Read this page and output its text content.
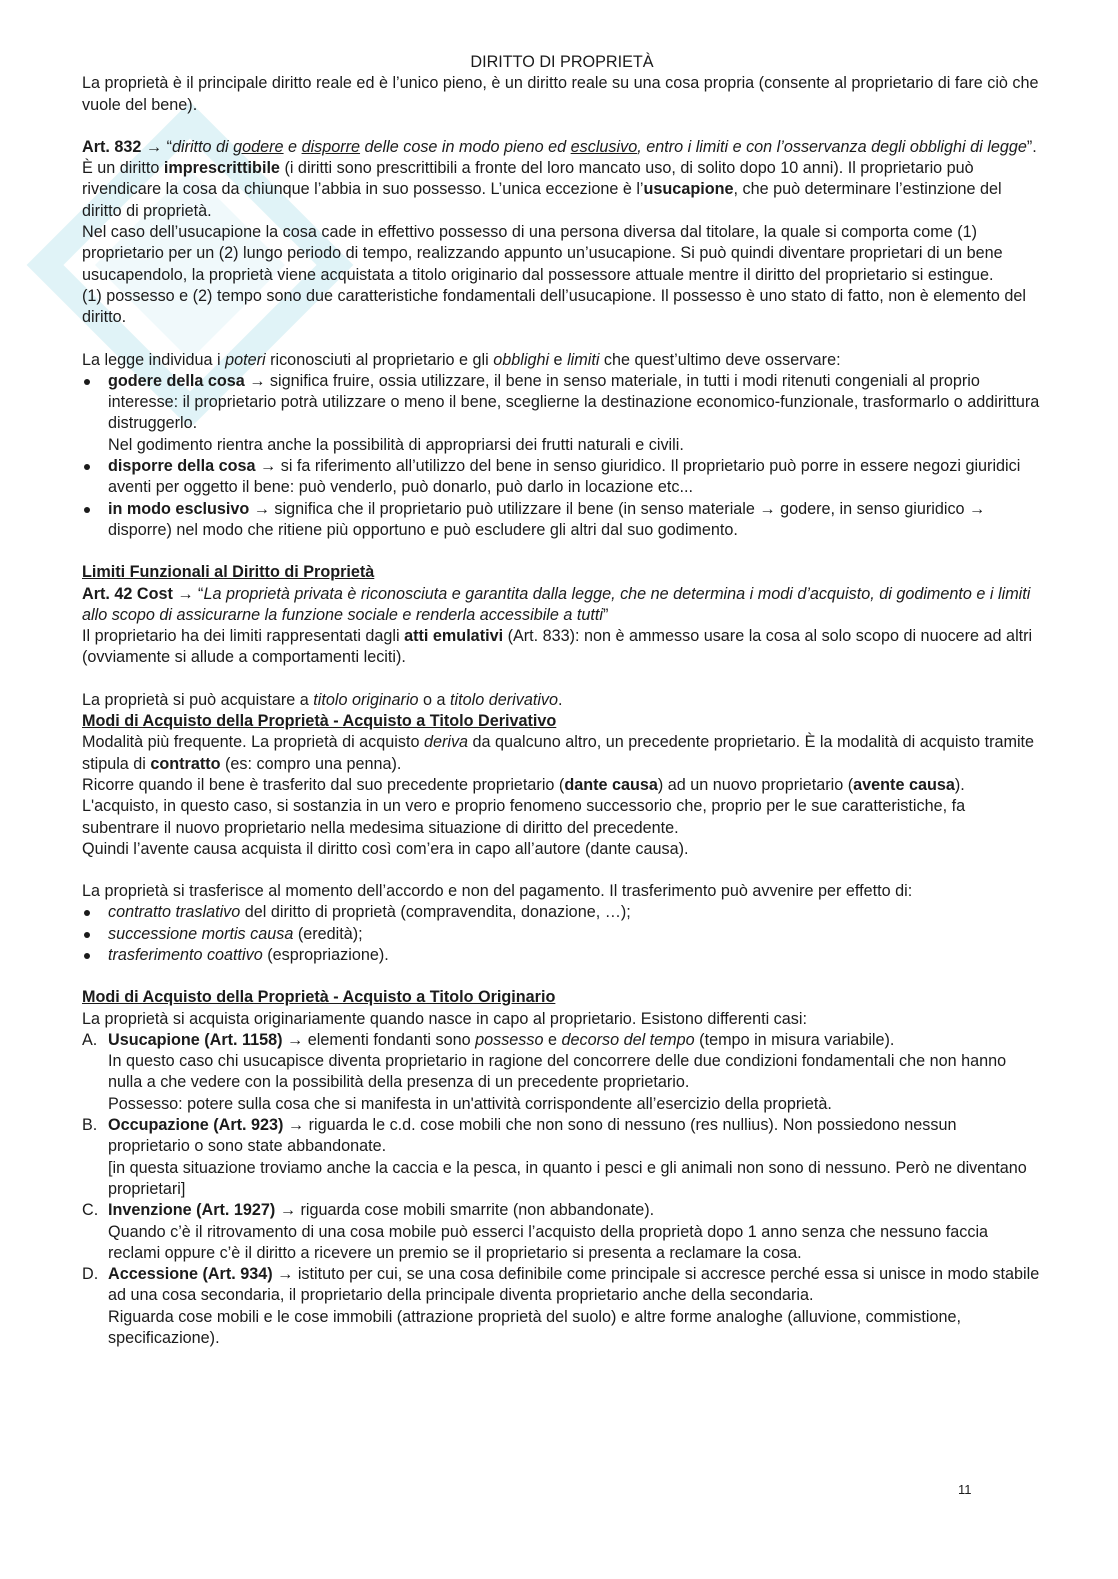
DIRITTO DI PROPRIETÀ

La proprietà è il principale diritto reale ed è l’unico pieno, è un diritto reale su una cosa propria (consente al proprietario di fare ciò che vuole del bene).

Art. 832 → “diritto di godere e disporre delle cose in modo pieno ed esclusivo, entro i limiti e con l’osservanza degli obblighi di legge”.

È un diritto imprescrittibile (i diritti sono prescrittibili a fronte del loro mancato uso, di solito dopo 10 anni). Il proprietario può rivendicare la cosa da chiunque l’abbia in suo possesso. L’unica eccezione è l’usucapione, che può determinare l’estinzione del diritto di proprietà.

Nel caso dell’usucapione la cosa cade in effettivo possesso di una persona diversa dal titolare, la quale si comporta come (1) proprietario per un (2) lungo periodo di tempo, realizzando appunto un’usucapione. Si può quindi diventare proprietari di un bene usucapendolo, la proprietà viene acquistata a titolo originario dal possessore attuale mentre il diritto del proprietario si estingue.

(1) possesso e (2) tempo sono due caratteristiche fondamentali dell’usucapione. Il possesso è uno stato di fatto, non è elemento del diritto.

La legge individua i poteri riconosciuti al proprietario e gli obblighi e limiti che quest’ultimo deve osservare:

godere della cosa → significa fruire, ossia utilizzare, il bene in senso materiale, in tutti i modi ritenuti congeniali al proprio interesse: il proprietario potrà utilizzare o meno il bene, sceglierne la destinazione economico-funzionale, trasformarlo o addirittura distruggerlo.
Nel godimento rientra anche la possibilità di appropriarsi dei frutti naturali e civili.
disporre della cosa → si fa riferimento all’utilizzo del bene in senso giuridico. Il proprietario può porre in essere negozi giuridici aventi per oggetto il bene: può venderlo, può donarlo, può darlo in locazione etc...
in modo esclusivo → significa che il proprietario può utilizzare il bene (in senso materiale → godere, in senso giuridico → disporre) nel modo che ritiene più opportuno e può escludere gli altri dal suo godimento.

Limiti Funzionali al Diritto di Proprietà

Art. 42 Cost → “La proprietà privata è riconosciuta e garantita dalla legge, che ne determina i modi d’acquisto, di godimento e i limiti allo scopo di assicurarne la funzione sociale e renderla accessibile a tutti”

Il proprietario ha dei limiti rappresentati dagli atti emulativi (Art. 833): non è ammesso usare la cosa al solo scopo di nuocere ad altri (ovviamente si allude a comportamenti leciti).

La proprietà si può acquistare a titolo originario o a titolo derivativo.

Modi di Acquisto della Proprietà - Acquisto a Titolo Derivativo

Modalità più frequente. La proprietà di acquisto deriva da qualcuno altro, un precedente proprietario. È la modalità di acquisto tramite stipula di contratto (es: compro una penna).

Ricorre quando il bene è trasferito dal suo precedente proprietario (dante causa) ad un nuovo proprietario (avente causa).

L'acquisto, in questo caso, si sostanzia in un vero e proprio fenomeno successorio che, proprio per le sue caratteristiche, fa subentrare il nuovo proprietario nella medesima situazione di diritto del precedente.

Quindi l’avente causa acquista il diritto così com’era in capo all’autore (dante causa).

La proprietà si trasferisce al momento dell’accordo e non del pagamento. Il trasferimento può avvenire per effetto di:

contratto traslativo del diritto di proprietà (compravendita, donazione, …);
successione mortis causa (eredità);
trasferimento coattivo (espropriazione).

Modi di Acquisto della Proprietà - Acquisto a Titolo Originario

La proprietà si acquista originariamente quando nasce in capo al proprietario. Esistono differenti casi:

A. Usucapione (Art. 1158) → elementi fondanti sono possesso e decorso del tempo (tempo in misura variabile).
In questo caso chi usucapisce diventa proprietario in ragione del concorrere delle due condizioni fondamentali che non hanno nulla a che vedere con la possibilità della presenza di un precedente proprietario.
Possesso: potere sulla cosa che si manifesta in un'attività corrispondente all’esercizio della proprietà.
B. Occupazione (Art. 923) → riguarda le c.d. cose mobili che non sono di nessuno (res nullius). Non possiedono nessun proprietario o sono state abbandonate.
[in questa situazione troviamo anche la caccia e la pesca, in quanto i pesci e gli animali non sono di nessuno. Però ne diventano proprietari]
C. Invenzione (Art. 1927) → riguarda cose mobili smarrite (non abbandonate).
Quando c’è il ritrovamento di una cosa mobile può esserci l’acquisto della proprietà dopo 1 anno senza che nessuno faccia reclami oppure c’è il diritto a ricevere un premio se il proprietario si presenta a reclamare la cosa.
D. Accessione (Art. 934) → istituto per cui, se una cosa definibile come principale si accresce perché essa si unisce in modo stabile ad una cosa secondaria, il proprietario della principale diventa proprietario anche della secondaria.
Riguarda cose mobili e le cose immobili (attrazione proprietà del suolo) e altre forme analoghe (alluvione, commistione, specificazione).
11
